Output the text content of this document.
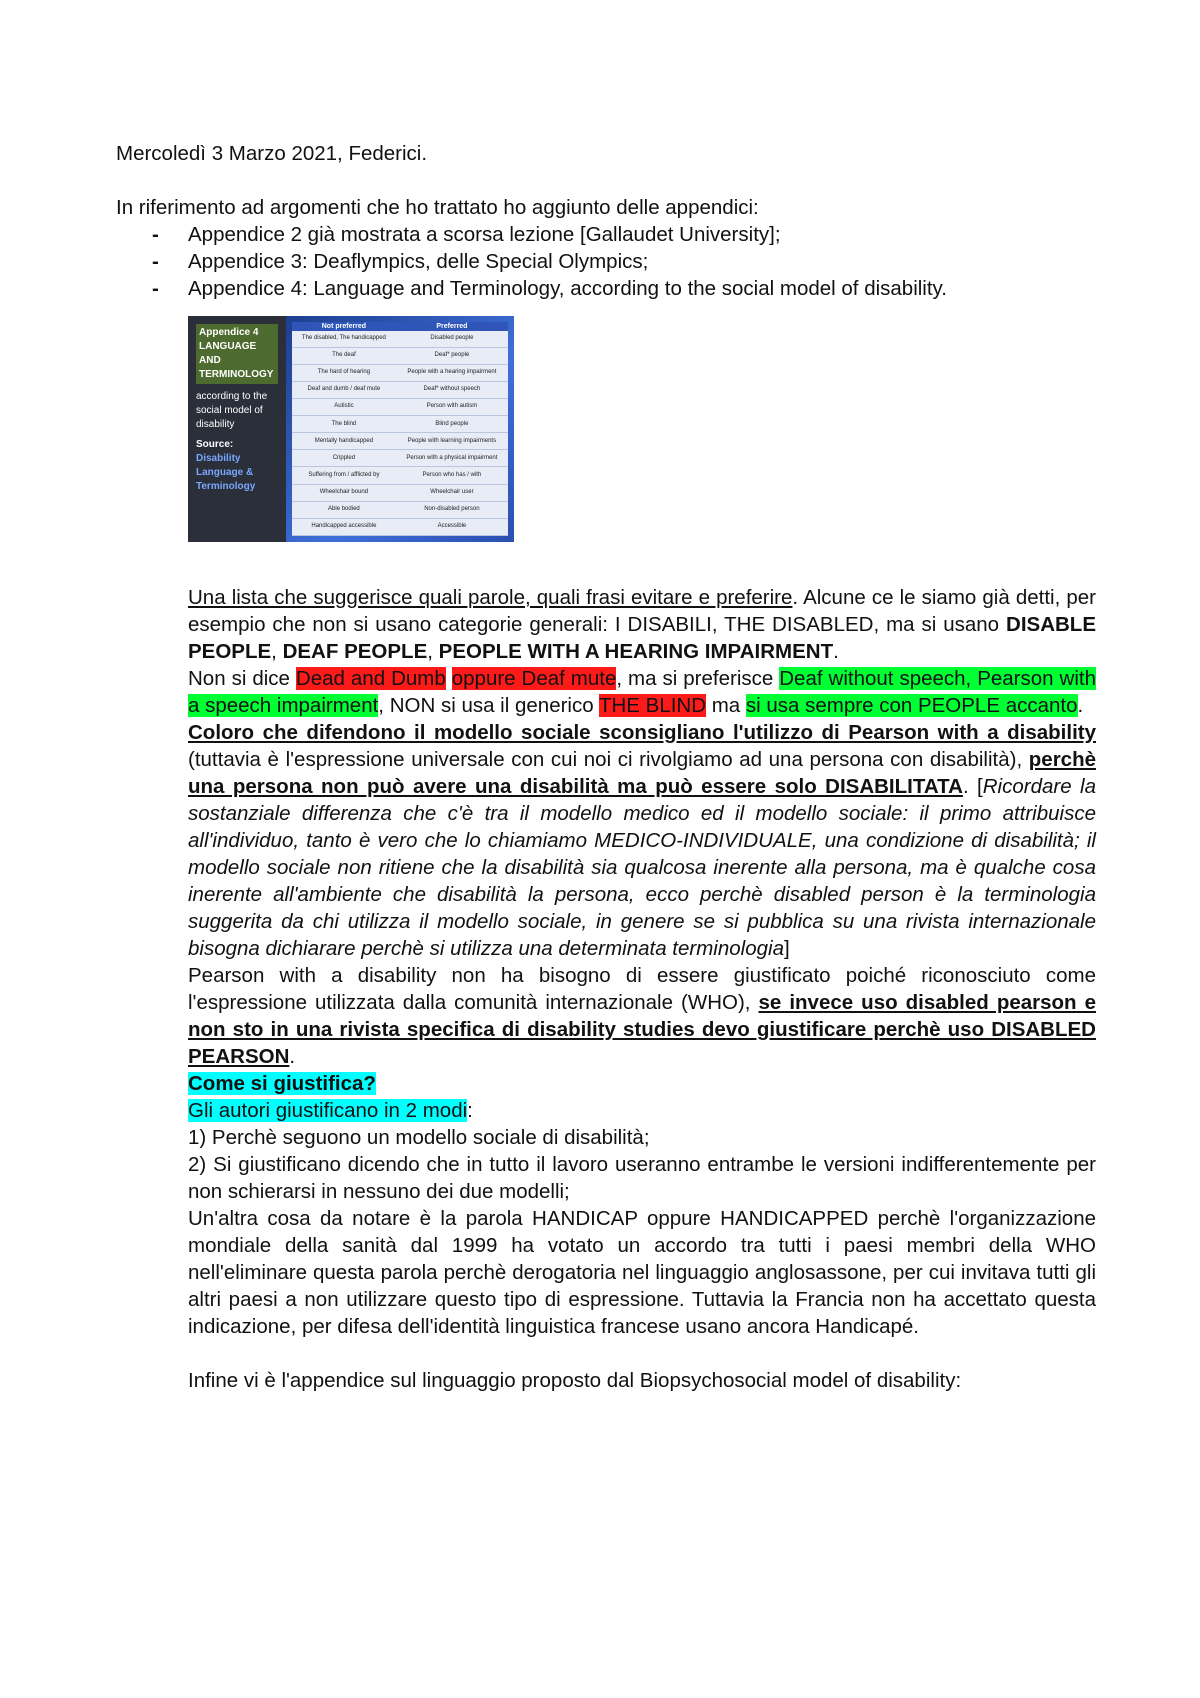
Mercoledì 3 Marzo 2021, Federici.

In riferimento ad argomenti che ho trattato ho aggiunto delle appendici:

- Appendice 2 già mostrata a scorsa lezione [Gallaudet University];
- Appendice 3: Deaflympics, delle Special Olympics;
- Appendice 4: Language and Terminology, according to the social model of disability.
Appendice 4 LANGUAGE AND TERMINOLOGY
according to the social model of disability
Source: Disability Language & Terminology
Not preferred	Preferred
The disabled, The handicapped	Disabled people
The deaf	Deaf* people
The hard of hearing	People with a hearing impairment
Deaf and dumb / deaf mute	Deaf* without speech
Autistic	Person with autism
The blind	Blind people
Mentally handicapped	People with learning impairments
Crippled	Person with a physical impairment
Suffering from / afflicted by	Person who has / with
Wheelchair bound	Wheelchair user
Able bodied	Non-disabled person
Handicapped accessible	Accessible

Una lista che suggerisce quali parole, quali frasi evitare e preferire. Alcune ce le siamo già detti, per esempio che non si usano categorie generali: I DISABILI, THE DISABLED, ma si usano DISABLE PEOPLE, DEAF PEOPLE, PEOPLE WITH A HEARING IMPAIRMENT.

Non si dice Dead and Dumb oppure Deaf mute, ma si preferisce Deaf without speech, Pearson with a speech impairment, NON si usa il generico THE BLIND ma si usa sempre con PEOPLE accanto.

Coloro che difendono il modello sociale sconsigliano l'utilizzo di Pearson with a disability (tuttavia è l'espressione universale con cui noi ci rivolgiamo ad una persona con disabilità), perchè una persona non può avere una disabilità ma può essere solo DISABILITATA. [Ricordare la sostanziale differenza che c'è tra il modello medico ed il modello sociale: il primo attribuisce all'individuo, tanto è vero che lo chiamiamo MEDICO-INDIVIDUALE, una condizione di disabilità; il modello sociale non ritiene che la disabilità sia qualcosa inerente alla persona, ma è qualche cosa inerente all'ambiente che disabilità la persona, ecco perchè disabled person è la terminologia suggerita da chi utilizza il modello sociale, in genere se si pubblica su una rivista internazionale bisogna dichiarare perchè si utilizza una determinata terminologia]

Pearson with a disability non ha bisogno di essere giustificato poiché riconosciuto come l'espressione utilizzata dalla comunità internazionale (WHO), se invece uso disabled pearson e non sto in una rivista specifica di disability studies devo giustificare perchè uso DISABLED PEARSON.

Come si giustifica?

Gli autori giustificano in 2 modi:

1) Perchè seguono un modello sociale di disabilità;

2) Si giustificano dicendo che in tutto il lavoro useranno entrambe le versioni indifferentemente per non schierarsi in nessuno dei due modelli;

Un'altra cosa da notare è la parola HANDICAP oppure HANDICAPPED perchè l'organizzazione mondiale della sanità dal 1999 ha votato un accordo tra tutti i paesi membri della WHO nell'eliminare questa parola perchè derogatoria nel linguaggio anglosassone, per cui invitava tutti gli altri paesi a non utilizzare questo tipo di espressione. Tuttavia la Francia non ha accettato questa indicazione, per difesa dell'identità linguistica francese usano ancora Handicapé.

Infine vi è l'appendice sul linguaggio proposto dal Biopsychosocial model of disability:
